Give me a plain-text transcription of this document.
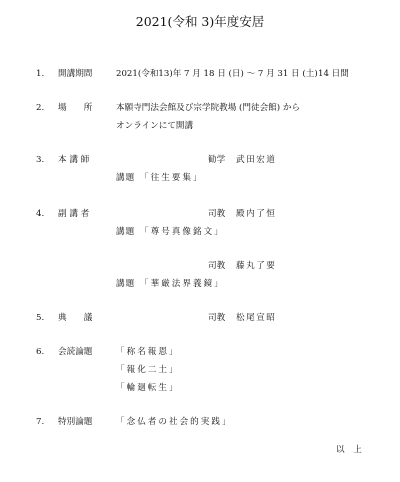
2021(令和 3)年度安居
1. 開講期間	2021(令和13)年 7 月 18 日 (日) 〜 7 月 31 日 (土) 14 日間
2. 場　　所	本願寺門法会館及び宗学院教場 (門徒会館) から
オンラインにて開講
3. 本 講 師	勧学 武田宏道
講題 「往生要集」
4. 副 講 者	司教 殿内了恒
講題 「尊号真像銘文」
司教 藤丸了要
講題 「華厳法界義鏡」
5. 典　　議	司教 松尾宣昭
6. 会読論題	「称名報恩」
「報化二土」
「輪廻転生」
7. 特別論題	「念仏者の社会的実践」
以　上
